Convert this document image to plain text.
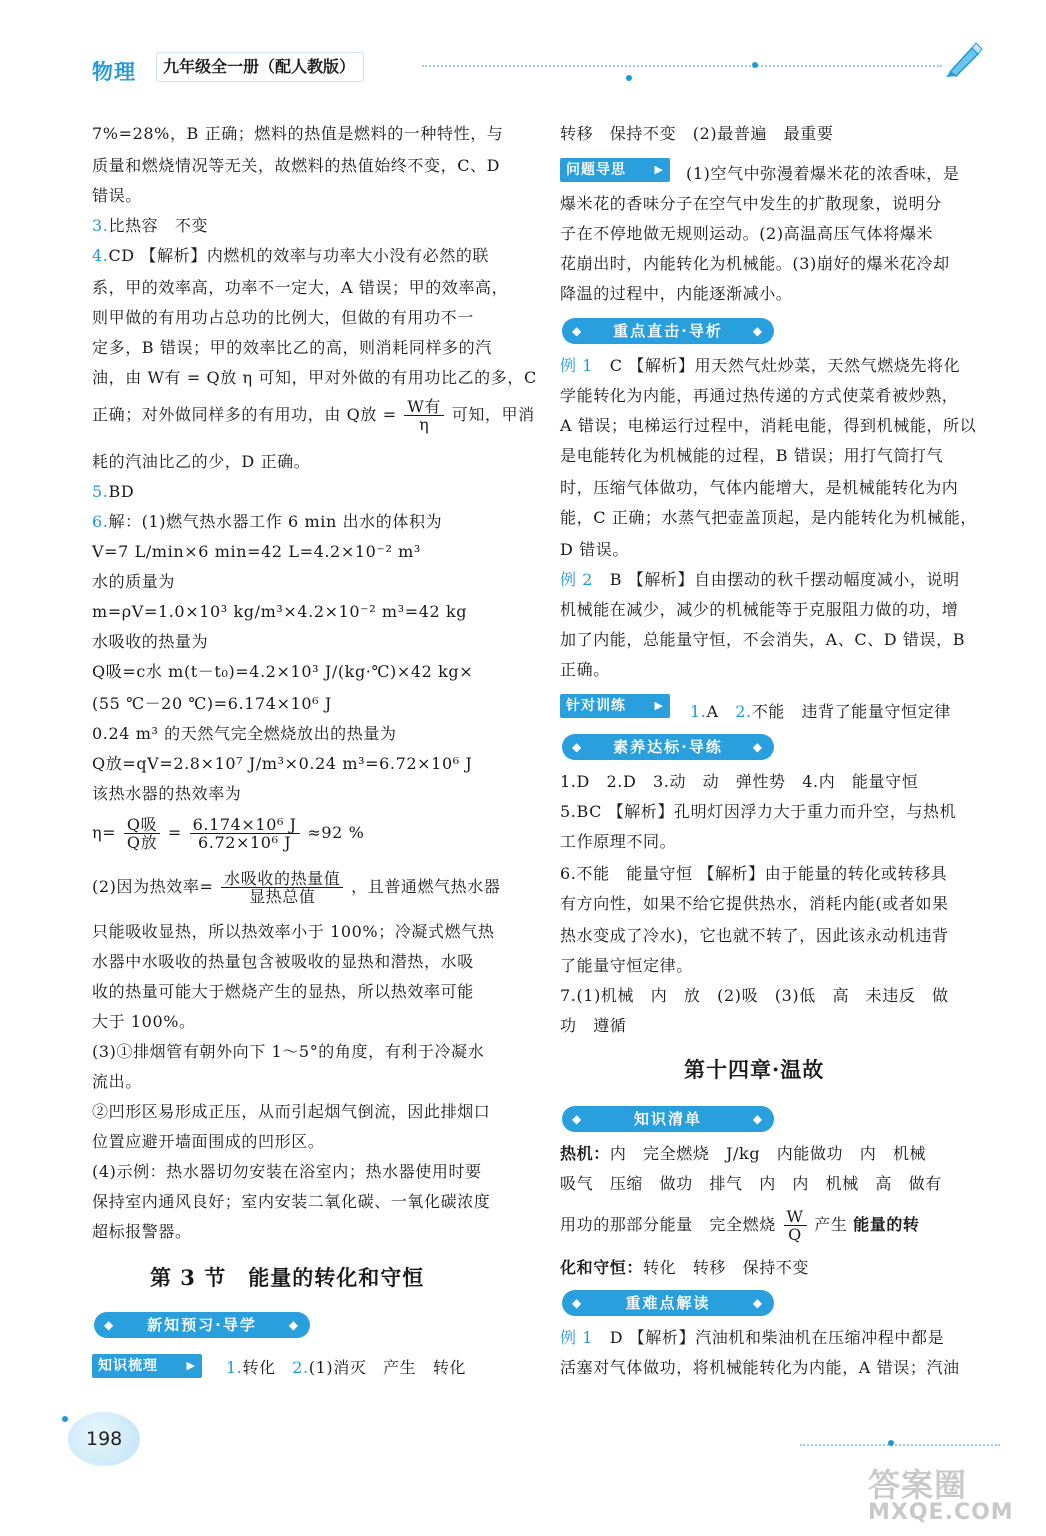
物理	九年级全一册（配人教版）
7%=28%，B 正确；燃料的热值是燃料的一种特性，与
质量和燃烧情况等无关，故燃料的热值始终不变，C、D
错误。
3.比热容　不变
4.CD 【解析】内燃机的效率与功率大小没有必然的联
系，甲的效率高，功率不一定大，A 错误；甲的效率高，
则甲做的有用功占总功的比例大，但做的有用功不一
定多，B 错误；甲的效率比乙的高，则消耗同样多的汽
油，由 W有 = Q放 η 可知，甲对外做的有用功比乙的多，C
正确；对外做同样多的有用功，由 Q放 = $\frac{\text{W有}}{\eta}$ 可知，甲消
耗的汽油比乙的少，D 正确。
5.BD
6.解：(1)燃气热水器工作 6 min 出水的体积为
V=7 L/min×6 min=42 L=4.2×10⁻² m³
水的质量为
m=ρV=1.0×10³ kg/m³×4.2×10⁻² m³=42 kg
水吸收的热量为
Q吸=c水 m(t－t₀)=4.2×10³ J/(kg·℃)×42 kg×
(55 ℃－20 ℃)=6.174×10⁶ J
0.24 m³ 的天然气完全燃烧放出的热量为
Q放=qV=2.8×10⁷ J/m³×0.24 m³=6.72×10⁶ J
该热水器的热效率为
$\eta= \frac{\text{Q吸}}{\text{Q放}} = \frac{\text{6.174×10⁶ J}}{\text{6.72×10⁶ J}} \approx 92$ %
(2)因为热效率= $\frac{\text{水吸收的热量值}}{\text{显热总值}}$ ，且普通燃气热水器
只能吸收显热，所以热效率小于 100%；冷凝式燃气热
水器中水吸收的热量包含被吸收的显热和潜热，水吸
收的热量可能大于燃烧产生的显热，所以热效率可能
大于 100%。
(3)①排烟管有朝外向下 1～5°的角度，有利于冷凝水
流出。
②凹形区易形成正压，从而引起烟气倒流，因此排烟口
位置应避开墙面围成的凹形区。
(4)示例：热水器切勿安装在浴室内；热水器使用时要
保持室内通风良好；室内安装二氧化碳、一氧化碳浓度
超标报警器。
第 3 节　能量的转化和守恒
◆ 新知预习·导学 ◆
知识梳理 ▶	1.转化　2.(1)消灭　产生　转化
转移　保持不变　(2)最普遍　最重要
(1)空气中弥漫着爆米花的浓香味，是
爆米花的香味分子在空气中发生的扩散现象，说明分
子在不停地做无规则运动。(2)高温高压气体将爆米
花崩出时，内能转化为机械能。(3)崩好的爆米花冷却
降温的过程中，内能逐渐减小。
例 1　 C 【解析】用天然气灶炒菜，天然气燃烧先将化
学能转化为内能，再通过热传递的方式使菜肴被炒熟，
A 错误；电梯运行过程中，消耗电能，得到机械能，所以
是电能转化为机械能的过程，B 错误；用打气筒打气
时，压缩气体做功，气体内能增大，是机械能转化为内
能，C 正确；水蒸气把壶盖顶起，是内能转化为机械能，
D 错误。
例 2　 B 【解析】自由摆动的秋千摆动幅度减小，说明
机械能在减少，减少的机械能等于克服阻力做的功，增
加了内能，总能量守恒，不会消失，A、C、D 错误，B
正确。
1.A　2.不能　违背了能量守恒定律
1.D　2.D　3.动　动　弹性势　4.内　能量守恒
5.BC 【解析】孔明灯因浮力大于重力而升空，与热机
工作原理不同。
6.不能　能量守恒 【解析】由于能量的转化或转移具
有方向性，如果不给它提供热水，消耗内能(或者如果
热水变成了冷水)，它也就不转了，因此该永动机违背
了能量守恒定律。
7.(1)机械　内　放　(2)吸　(3)低　高　未违反　做
功　遵循
热机：内　完全燃烧　J/kg　内能做功　内　机械
吸气　压缩　做功　排气　内　内　机械　高　做有
用功的那部分能量　完全燃烧 $\frac{W}{Q}$ 产生 能量的转
化和守恒：转化　转移　保持不变
例 1　 D 【解析】汽油机和柴油机在压缩冲程中都是
活塞对气体做功，将机械能转化为内能，A 错误；汽油
问题导思 ▶
◆ 重点直击·导析 ◆
针对训练 ▶
◆ 素养达标·导练 ◆
第十四章·温故
◆ 知识清单 ◆
◆ 重难点解读 ◆
198
答案圈
MXQE.COM
